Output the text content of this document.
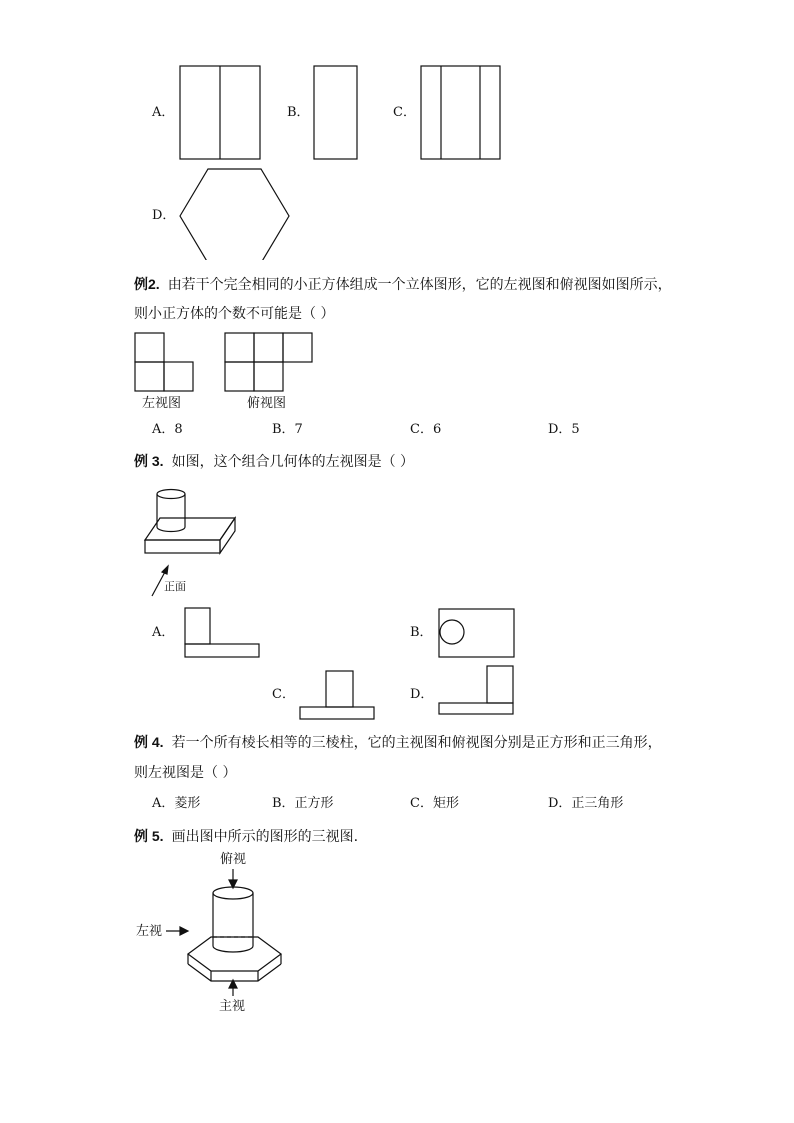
A．	B．	C．
D．
例2. 由若干个完全相同的小正方体组成一个立体图形，它的左视图和俯视图如图所示，
则小正方体的个数不可能是（ ）
左视图	俯视图
A．8	B．7	C．6	D．5
例 3. 如图，这个组合几何体的左视图是（ ）
正面
A．	B．
C．	D．
例 4. 若一个所有棱长相等的三棱柱，它的主视图和俯视图分别是正方形和正三角形，
则左视图是（ ）
A．菱形	B．正方形	C．矩形	D．正三角形
例 5. 画出图中所示的图形的三视图.
俯视
左视
主视
